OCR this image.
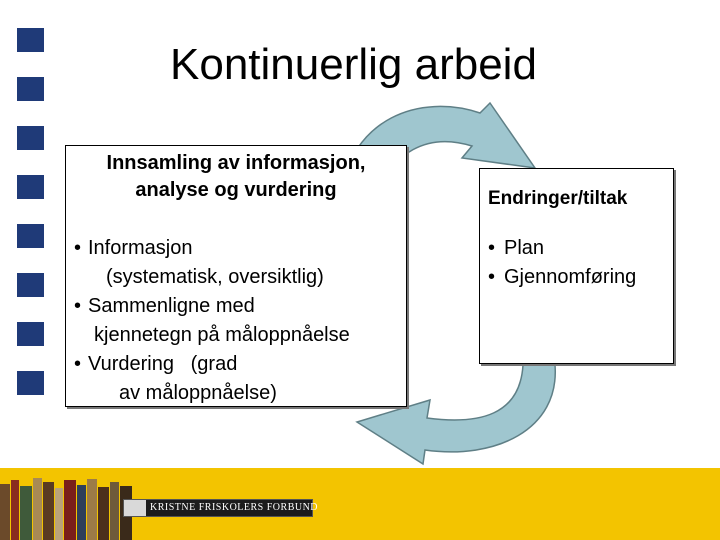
Kontinuerlig arbeid
Innsamling av informasjon,
analyse og vurdering
• Informasjon
(systematisk, oversiktlig)
• Sammenligne med
kjennetegn på måloppnåelse
• Vurdering   (grad
av måloppnåelse)
Endringer/tiltak
• Plan
• Gjennomføring
KRISTNE FRISKOLERS FORBUND
